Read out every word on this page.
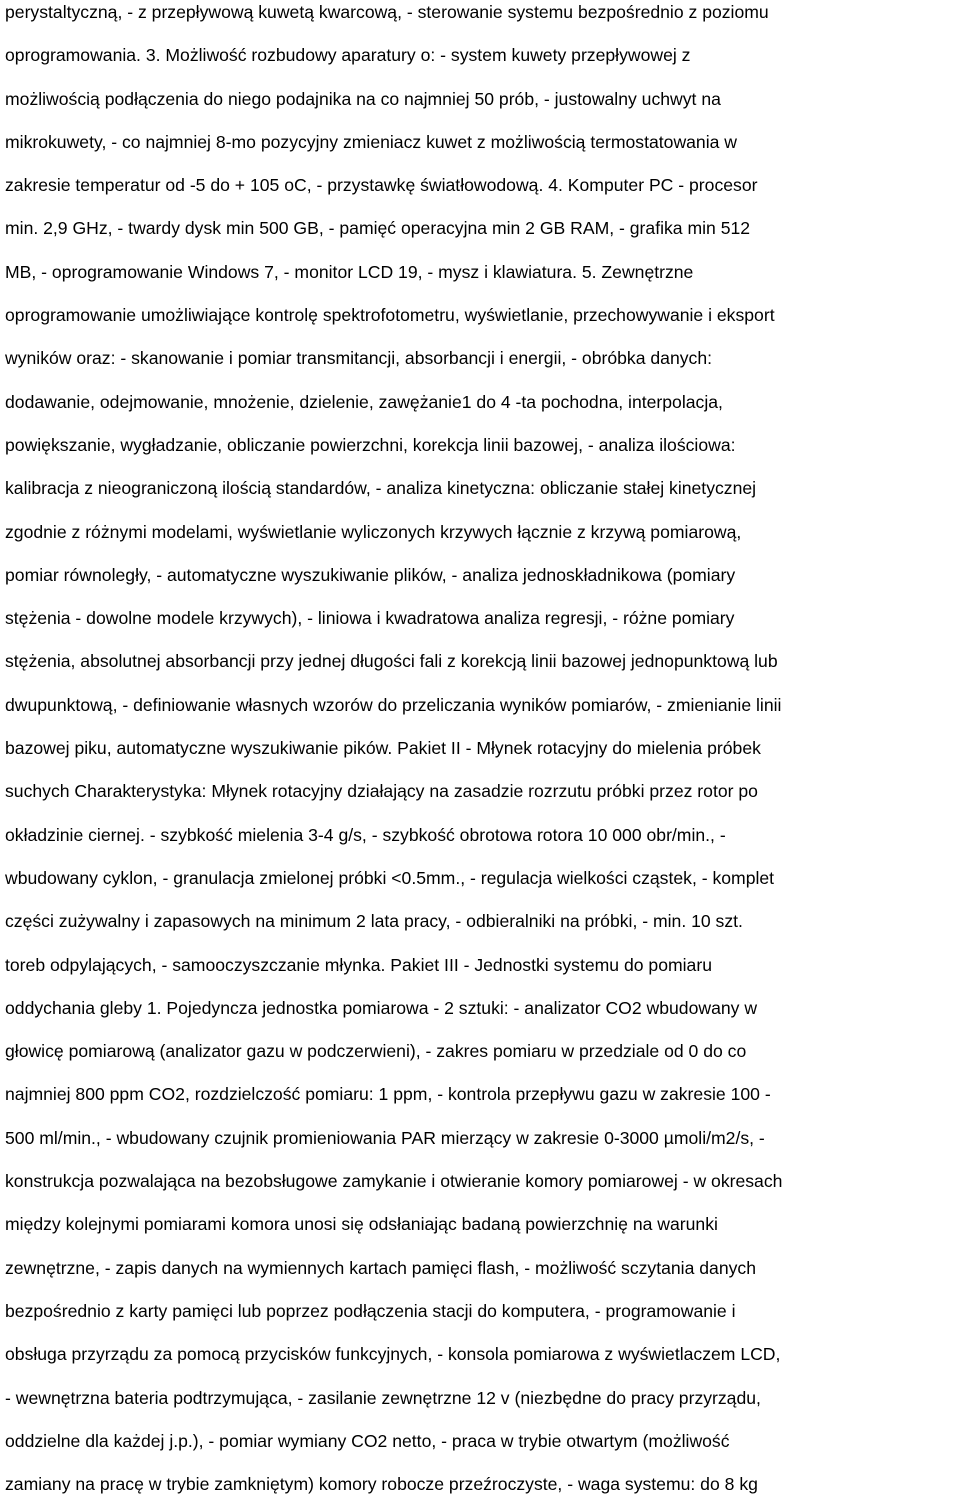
perystaltyczną, - z przepływową kuwetą kwarcową, - sterowanie systemu bezpośrednio z poziomu
oprogramowania. 3. Możliwość rozbudowy aparatury o: - system kuwety przepływowej z
możliwością podłączenia do niego podajnika na co najmniej 50 prób, - justowalny uchwyt na
mikrokuwety, - co najmniej 8-mo pozycyjny zmieniacz kuwet z możliwością termostatowania w
zakresie temperatur od -5 do + 105 oC, - przystawkę światłowodową. 4. Komputer PC - procesor
min. 2,9 GHz, - twardy dysk min 500 GB, - pamięć operacyjna min 2 GB RAM, - grafika min 512
MB, - oprogramowanie Windows 7, - monitor LCD 19, - mysz i klawiatura. 5. Zewnętrzne
oprogramowanie umożliwiające kontrolę spektrofotometru, wyświetlanie, przechowywanie i eksport
wyników oraz: - skanowanie i pomiar transmitancji, absorbancji i energii, - obróbka danych:
dodawanie, odejmowanie, mnożenie, dzielenie, zawężanie1 do 4 -ta pochodna, interpolacja,
powiększanie, wygładzanie, obliczanie powierzchni, korekcja linii bazowej, - analiza ilościowa:
kalibracja z nieograniczoną ilością standardów, - analiza kinetyczna: obliczanie stałej kinetycznej
zgodnie z różnymi modelami, wyświetlanie wyliczonych krzywych łącznie z krzywą pomiarową,
pomiar równoległy, - automatyczne wyszukiwanie plików, - analiza jednoskładnikowa (pomiary
stężenia - dowolne modele krzywych), - liniowa i kwadratowa analiza regresji, - różne pomiary
stężenia, absolutnej absorbancji przy jednej długości fali z korekcją linii bazowej jednopunktową lub
dwupunktową, - definiowanie własnych wzorów do przeliczania wyników pomiarów, - zmienianie linii
bazowej piku, automatyczne wyszukiwanie pików. Pakiet II - Młynek rotacyjny do mielenia próbek
suchych Charakterystyka: Młynek rotacyjny działający na zasadzie rozrzutu próbki przez rotor po
okładzinie ciernej. - szybkość mielenia 3-4 g/s, - szybkość obrotowa rotora 10 000 obr/min., -
wbudowany cyklon, - granulacja zmielonej próbki <0.5mm., - regulacja wielkości cząstek, - komplet
części zużywalny i zapasowych na minimum 2 lata pracy, - odbieralniki na próbki, - min. 10 szt.
toreb odpylających, - samooczyszczanie młynka. Pakiet III - Jednostki systemu do pomiaru
oddychania gleby 1. Pojedyncza jednostka pomiarowa - 2 sztuki: - analizator CO2 wbudowany w
głowicę pomiarową (analizator gazu w podczerwieni), - zakres pomiaru w przedziale od 0 do co
najmniej 800 ppm CO2, rozdzielczość pomiaru: 1 ppm, - kontrola przepływu gazu w zakresie 100 -
500 ml/min., - wbudowany czujnik promieniowania PAR mierzący w zakresie 0-3000 µmoli/m2/s, -
konstrukcja pozwalająca na bezobsługowe zamykanie i otwieranie komory pomiarowej - w okresach
między kolejnymi pomiarami komora unosi się odsłaniając badaną powierzchnię na warunki
zewnętrzne, - zapis danych na wymiennych kartach pamięci flash, - możliwość sczytania danych
bezpośrednio z karty pamięci lub poprzez podłączenia stacji do komputera, - programowanie i
obsługa przyrządu za pomocą przycisków funkcyjnych, - konsola pomiarowa z wyświetlaczem LCD,
- wewnętrzna bateria podtrzymująca, - zasilanie zewnętrzne 12 v (niezbędne do pracy przyrządu,
oddzielne dla każdej j.p.), - pomiar wymiany CO2 netto, - praca w trybie otwartym (możliwość
zamiany na pracę w trybie zamkniętym) komory robocze przeźroczyste, - waga systemu: do 8 kg
